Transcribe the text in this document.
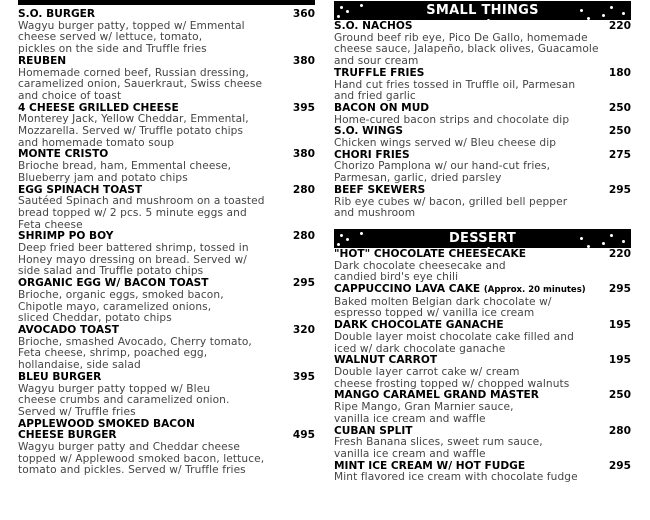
S.O. BURGER	360
Wagyu burger patty, topped w/ Emmental
cheese served w/ lettuce, tomato,
pickles on the side and Truffle fries
REUBEN	380
Homemade corned beef, Russian dressing,
caramelized onion, Sauerkraut, Swiss cheese
and choice of toast
4 CHEESE GRILLED CHEESE	395
Monterey Jack, Yellow Cheddar, Emmental,
Mozzarella. Served w/ Truffle potato chips
and homemade tomato soup
MONTE CRISTO	380
Brioche bread, ham, Emmental cheese,
Blueberry jam and potato chips
EGG SPINACH TOAST	280
Sautéed Spinach and mushroom on a toasted
bread topped w/ 2 pcs. 5 minute eggs and
Feta cheese
SHRIMP PO BOY	280
Deep fried beer battered shrimp, tossed in
Honey mayo dressing on bread. Served w/
side salad and Truffle potato chips
ORGANIC EGG W/ BACON TOAST	295
Brioche, organic eggs, smoked bacon,
Chipotle mayo, caramelized onions,
sliced Cheddar, potato chips
AVOCADO TOAST	320
Brioche, smashed Avocado, Cherry tomato,
Feta cheese, shrimp, poached egg,
hollandaise, side salad
BLEU BURGER	395
Wagyu burger patty topped w/ Bleu
cheese crumbs and caramelized onion.
Served w/ Truffle fries
APPLEWOOD SMOKED BACON
CHEESE BURGER	495
Wagyu burger patty and Cheddar cheese
topped w/ Applewood smoked bacon, lettuce,
tomato and pickles. Served w/ Truffle fries
SMALL THINGS
S.O. NACHOS	220
Ground beef rib eye, Pico De Gallo, homemade
cheese sauce, Jalapeño, black olives, Guacamole
and sour cream
TRUFFLE FRIES	180
Hand cut fries tossed in Truffle oil, Parmesan
and fried garlic
BACON ON MUD	250
Home-cured bacon strips and chocolate dip
S.O. WINGS	250
Chicken wings served w/ Bleu cheese dip
CHORI FRIES	275
Chorizo Pamplona w/ our hand-cut fries,
Parmesan, garlic, dried parsley
BEEF SKEWERS	295
Rib eye cubes w/ bacon, grilled bell pepper
and mushroom
DESSERT
"HOT" CHOCOLATE CHEESECAKE	220
Dark chocolate cheesecake and
candied bird's eye chili
CAPPUCCINO LAVA CAKE (Approx. 20 minutes) 295
Baked molten Belgian dark chocolate w/
espresso topped w/ vanilla ice cream
DARK CHOCOLATE GANACHE	195
Double layer moist chocolate cake filled and
iced w/ dark chocolate ganache
WALNUT CARROT	195
Double layer carrot cake w/ cream
cheese frosting topped w/ chopped walnuts
MANGO CARAMEL GRAND MASTER	250
Ripe Mango, Gran Marnier sauce,
vanilla ice cream and waffle
CUBAN SPLIT	280
Fresh Banana slices, sweet rum sauce,
vanilla ice cream and waffle
MINT ICE CREAM W/ HOT FUDGE	295
Mint flavored ice cream with chocolate fudge
